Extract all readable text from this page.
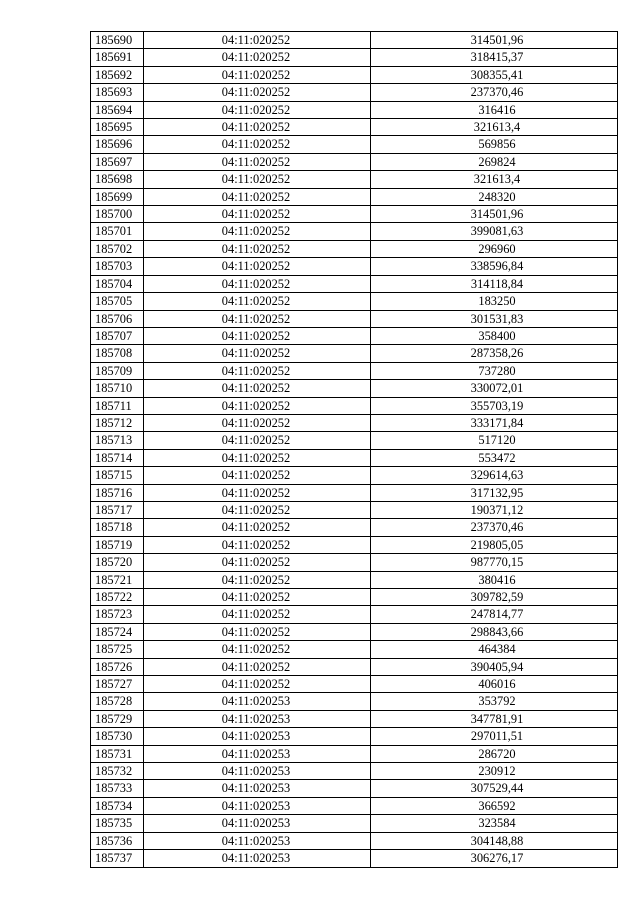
185690	04:11:020252	314501,96
185691	04:11:020252	318415,37
185692	04:11:020252	308355,41
185693	04:11:020252	237370,46
185694	04:11:020252	316416
185695	04:11:020252	321613,4
185696	04:11:020252	569856
185697	04:11:020252	269824
185698	04:11:020252	321613,4
185699	04:11:020252	248320
185700	04:11:020252	314501,96
185701	04:11:020252	399081,63
185702	04:11:020252	296960
185703	04:11:020252	338596,84
185704	04:11:020252	314118,84
185705	04:11:020252	183250
185706	04:11:020252	301531,83
185707	04:11:020252	358400
185708	04:11:020252	287358,26
185709	04:11:020252	737280
185710	04:11:020252	330072,01
185711	04:11:020252	355703,19
185712	04:11:020252	333171,84
185713	04:11:020252	517120
185714	04:11:020252	553472
185715	04:11:020252	329614,63
185716	04:11:020252	317132,95
185717	04:11:020252	190371,12
185718	04:11:020252	237370,46
185719	04:11:020252	219805,05
185720	04:11:020252	987770,15
185721	04:11:020252	380416
185722	04:11:020252	309782,59
185723	04:11:020252	247814,77
185724	04:11:020252	298843,66
185725	04:11:020252	464384
185726	04:11:020252	390405,94
185727	04:11:020252	406016
185728	04:11:020253	353792
185729	04:11:020253	347781,91
185730	04:11:020253	297011,51
185731	04:11:020253	286720
185732	04:11:020253	230912
185733	04:11:020253	307529,44
185734	04:11:020253	366592
185735	04:11:020253	323584
185736	04:11:020253	304148,88
185737	04:11:020253	306276,17
